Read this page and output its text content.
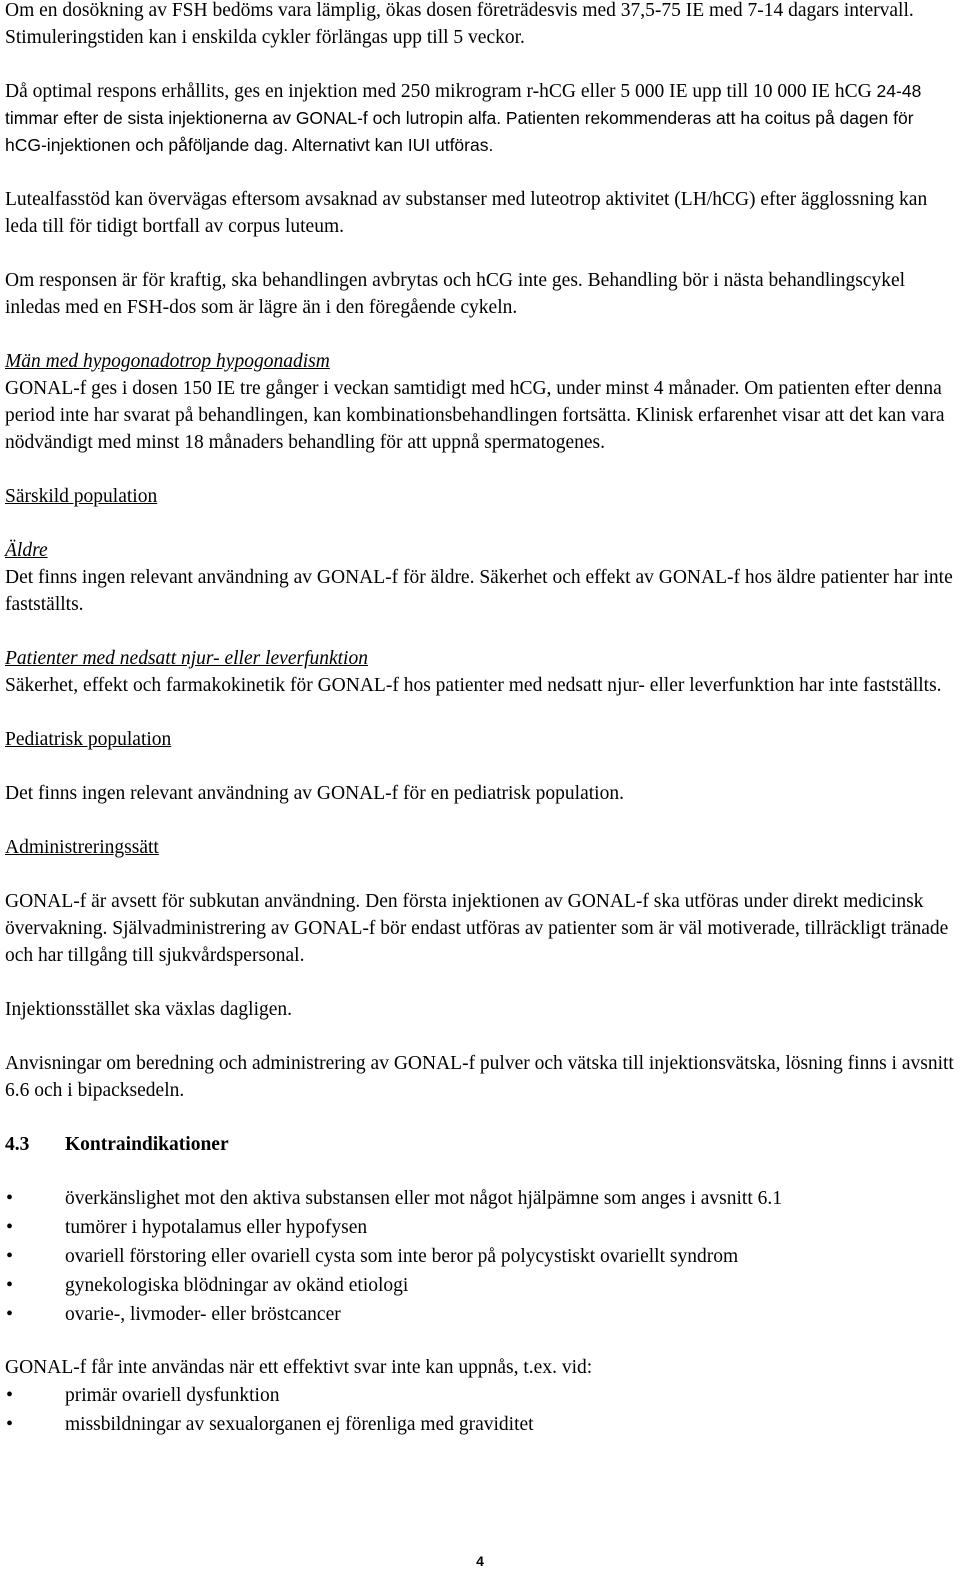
Om en dosökning av FSH bedöms vara lämplig, ökas dosen företrädesvis med 37,5-75 IE med 7-14 dagars intervall. Stimuleringstiden kan i enskilda cykler förlängas upp till 5 veckor.

Då optimal respons erhållits, ges en injektion med 250 mikrogram r-hCG eller 5 000 IE upp till 10 000 IE hCG 24-48 timmar efter de sista injektionerna av GONAL-f och lutropin alfa. Patienten rekommenderas att ha coitus på dagen för hCG-injektionen och påföljande dag. Alternativt kan IUI utföras.

Lutealfasstöd kan övervägas eftersom avsaknad av substanser med luteotrop aktivitet (LH/hCG) efter ägglossning kan leda till för tidigt bortfall av corpus luteum.

Om responsen är för kraftig, ska behandlingen avbrytas och hCG inte ges. Behandling bör i nästa behandlingscykel inledas med en FSH-dos som är lägre än i den föregående cykeln.

Män med hypogonadotrop hypogonadism

GONAL-f ges i dosen 150 IE tre gånger i veckan samtidigt med hCG, under minst 4 månader. Om patienten efter denna period inte har svarat på behandlingen, kan kombinationsbehandlingen fortsätta. Klinisk erfarenhet visar att det kan vara nödvändigt med minst 18 månaders behandling för att uppnå spermatogenes.

Särskild population

Äldre

Det finns ingen relevant användning av GONAL-f för äldre. Säkerhet och effekt av GONAL-f hos äldre patienter har inte fastställts.

Patienter med nedsatt njur- eller leverfunktion

Säkerhet, effekt och farmakokinetik för GONAL-f hos patienter med nedsatt njur- eller leverfunktion har inte fastställts.

Pediatrisk population

Det finns ingen relevant användning av GONAL-f för en pediatrisk population.

Administreringssätt

GONAL-f är avsett för subkutan användning. Den första injektionen av GONAL-f ska utföras under direkt medicinsk övervakning. Självadministrering av GONAL-f bör endast utföras av patienter som är väl motiverade, tillräckligt tränade och har tillgång till sjukvårdspersonal.

Injektionsstället ska växlas dagligen.

Anvisningar om beredning och administrering av GONAL-f pulver och vätska till injektionsvätska, lösning finns i avsnitt 6.6 och i bipacksedeln.

4.3 Kontraindikationer

•	överkänslighet mot den aktiva substansen eller mot något hjälpämne som anges i avsnitt 6.1
•	tumörer i hypotalamus eller hypofysen
•	ovariell förstoring eller ovariell cysta som inte beror på polycystiskt ovariellt syndrom
•	gynekologiska blödningar av okänd etiologi
•	ovarie-, livmoder- eller bröstcancer

GONAL-f får inte användas när ett effektivt svar inte kan uppnås, t.ex. vid:

•	primär ovariell dysfunktion
•	missbildningar av sexualorganen ej förenliga med graviditet
4
